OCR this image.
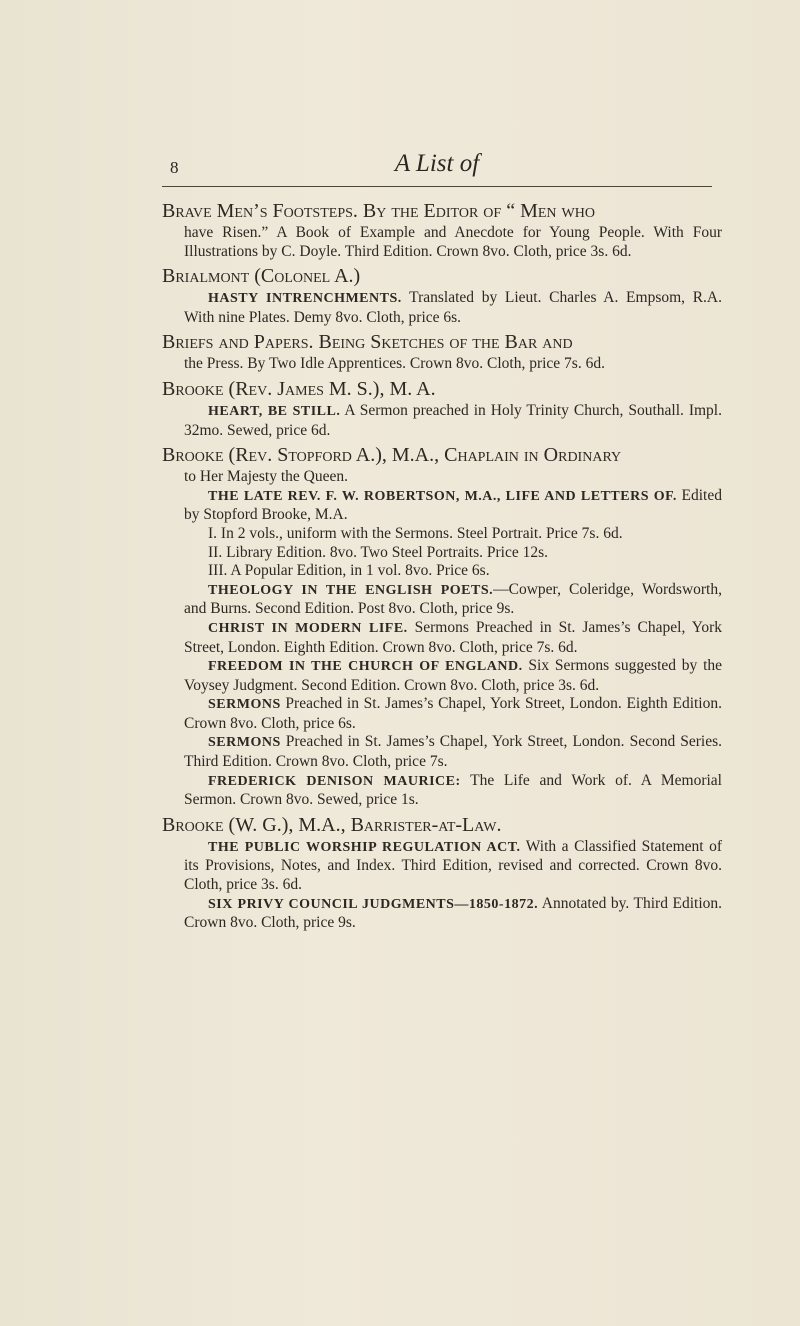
8	A List of
Brave Men’s Footsteps. By the Editor of “ Men who
have Risen.” A Book of Example and Anecdote for Young People. With Four Illustrations by C. Doyle. Third Edition. Crown 8vo. Cloth, price 3s. 6d.
Brialmont (Colonel A.)
HASTY INTRENCHMENTS. Translated by Lieut. Charles A. Empsom, R.A. With nine Plates. Demy 8vo. Cloth, price 6s.
Briefs and Papers. Being Sketches of the Bar and
the Press. By Two Idle Apprentices. Crown 8vo. Cloth, price 7s. 6d.
Brooke (Rev. James M. S.), M. A.
HEART, BE STILL. A Sermon preached in Holy Trinity Church, Southall. Impl. 32mo. Sewed, price 6d.
Brooke (Rev. Stopford A.), M.A., Chaplain in Ordinary
to Her Majesty the Queen.
THE LATE REV. F. W. ROBERTSON, M.A., LIFE AND LETTERS OF. Edited by Stopford Brooke, M.A.
I. In 2 vols., uniform with the Sermons. Steel Portrait. Price 7s. 6d.
II. Library Edition. 8vo. Two Steel Portraits. Price 12s.
III. A Popular Edition, in 1 vol. 8vo. Price 6s.
THEOLOGY IN THE ENGLISH POETS.—Cowper, Coleridge, Wordsworth, and Burns. Second Edition. Post 8vo. Cloth, price 9s.
CHRIST IN MODERN LIFE. Sermons Preached in St. James’s Chapel, York Street, London. Eighth Edition. Crown 8vo. Cloth, price 7s. 6d.
FREEDOM IN THE CHURCH OF ENGLAND. Six Sermons suggested by the Voysey Judgment. Second Edition. Crown 8vo. Cloth, price 3s. 6d.
SERMONS Preached in St. James’s Chapel, York Street, London. Eighth Edition. Crown 8vo. Cloth, price 6s.
SERMONS Preached in St. James’s Chapel, York Street, London. Second Series. Third Edition. Crown 8vo. Cloth, price 7s.
FREDERICK DENISON MAURICE: The Life and Work of. A Memorial Sermon. Crown 8vo. Sewed, price 1s.
Brooke (W. G.), M.A., Barrister-at-Law.
THE PUBLIC WORSHIP REGULATION ACT. With a Classified Statement of its Provisions, Notes, and Index. Third Edition, revised and corrected. Crown 8vo. Cloth, price 3s. 6d.
SIX PRIVY COUNCIL JUDGMENTS—1850-1872. Annotated by. Third Edition. Crown 8vo. Cloth, price 9s.
